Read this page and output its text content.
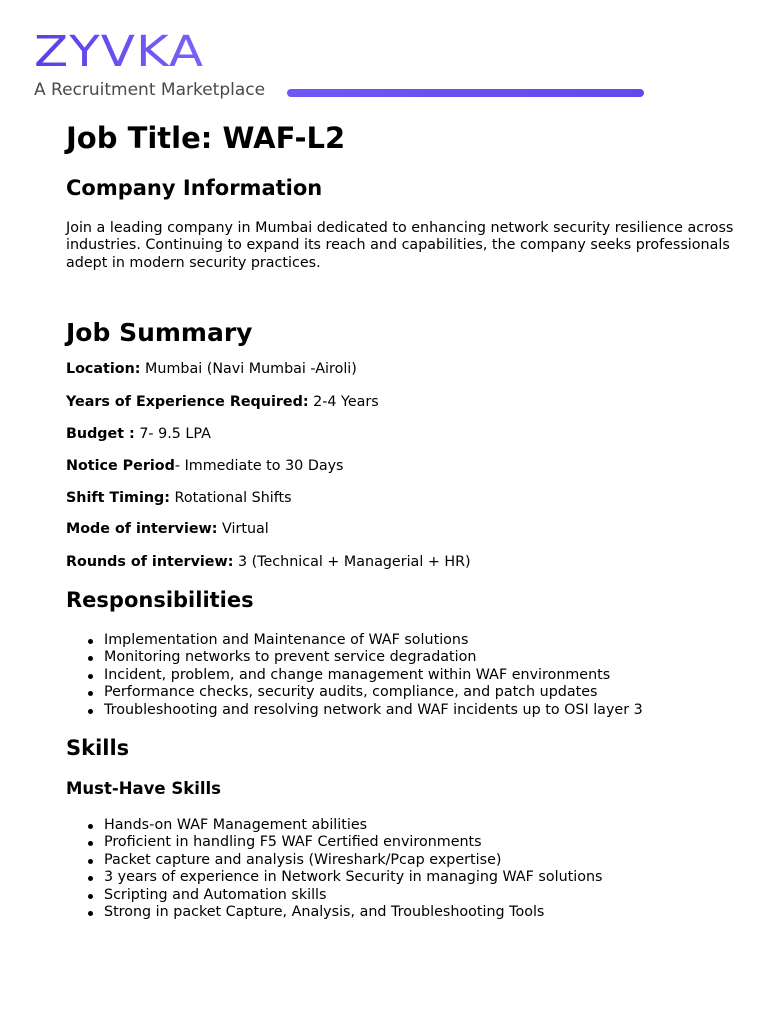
ZYVKA
A Recruitment Marketplace
Job Title: WAF-L2
Company Information
Join a leading company in Mumbai dedicated to enhancing network security resilience across industries. Continuing to expand its reach and capabilities, the company seeks professionals adept in modern security practices.
Job Summary
Location: Mumbai (Navi Mumbai -Airoli)
Years of Experience Required: 2-4 Years
Budget : 7- 9.5 LPA
Notice Period- Immediate to 30 Days
Shift Timing: Rotational Shifts
Mode of interview: Virtual
Rounds of interview: 3 (Technical + Managerial + HR)
Responsibilities
Implementation and Maintenance of WAF solutions
Monitoring networks to prevent service degradation
Incident, problem, and change management within WAF environments
Performance checks, security audits, compliance, and patch updates
Troubleshooting and resolving network and WAF incidents up to OSI layer 3
Skills
Must-Have Skills
Hands-on WAF Management abilities
Proficient in handling F5 WAF Certified environments
Packet capture and analysis (Wireshark/Pcap expertise)
3 years of experience in Network Security in managing WAF solutions
Scripting and Automation skills
Strong in packet Capture, Analysis, and Troubleshooting Tools
